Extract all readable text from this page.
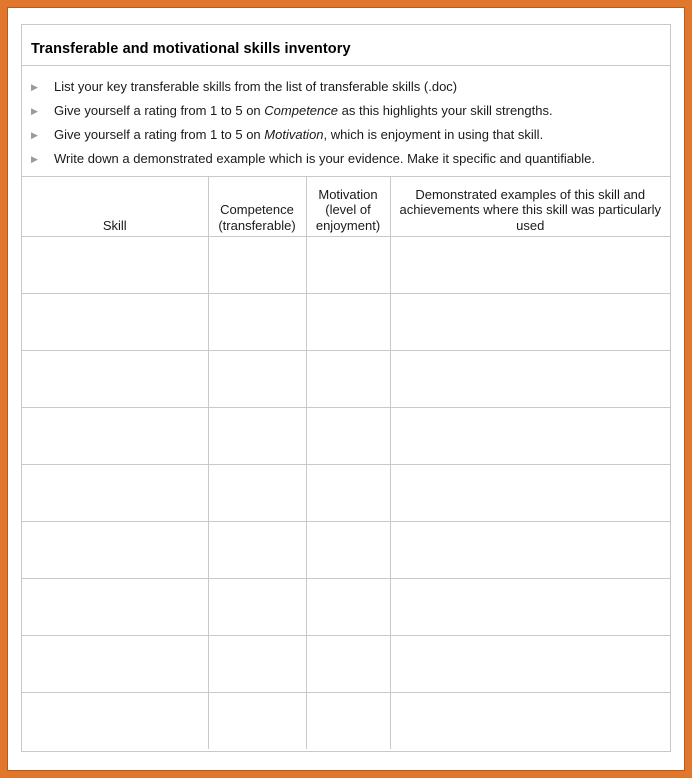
Transferable and motivational skills inventory
▶	List your key transferable skills from the list of transferable skills (.doc)
▶	Give yourself a rating from 1 to 5 on Competence as this highlights your skill strengths.
▶	Give yourself a rating from 1 to 5 on Motivation, which is enjoyment in using that skill.
▶	Write down a demonstrated example which is your evidence. Make it specific and quantifiable.
Skill	Competence (transferable)	Motivation (level of enjoyment)	Demonstrated examples of this skill and achievements where this skill was particularly used
